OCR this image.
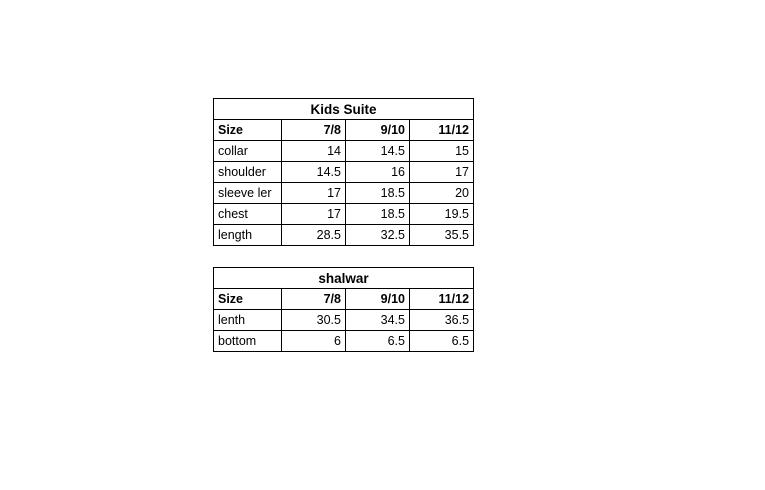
Kids Suite			
Size	7/8	9/10	11/12
collar	14	14.5	15
shoulder	14.5	16	17
sleeve ler	17	18.5	20
chest	17	18.5	19.5
length	28.5	32.5	35.5
shalwar			
Size	7/8	9/10	11/12
lenth	30.5	34.5	36.5
bottom	6	6.5	6.5
